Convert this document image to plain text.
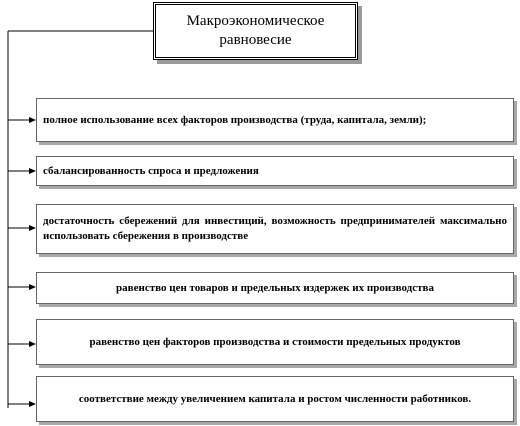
Макроэкономическое равновесие
полное использование всех факторов производства (труда, капитала, земли);
сбалансированность спроса и предложения
достаточность сбережений для инвестиций, возможность предпринимателей максимально использовать сбережения в производстве
равенство цен товаров и предельных издержек их производства
равенство цен факторов производства и стоимости предельных продуктов
соответствие между увеличением капитала и ростом численности работников.
